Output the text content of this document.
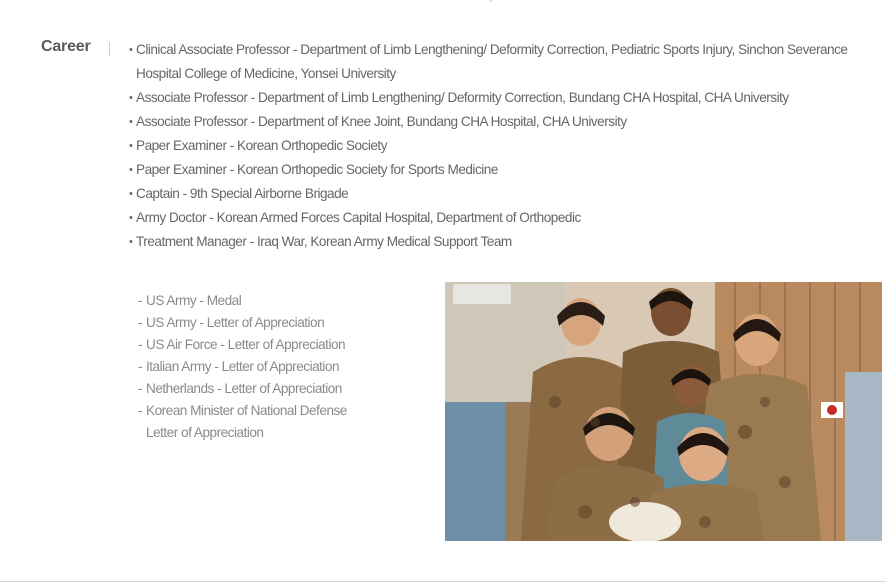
Career
•	Clinical Associate Professor - Department of Limb Lengthening/ Deformity Correction, Pediatric Sports Injury, Sinchon Severance Hospital College of Medicine, Yonsei University
• Associate Professor - Department of Limb Lengthening/ Deformity Correction, Bundang CHA Hospital, CHA University
• Associate Professor - Department of Knee Joint, Bundang CHA Hospital, CHA University
• Paper Examiner - Korean Orthopedic Society
• Paper Examiner - Korean Orthopedic Society for Sports Medicine
• Captain - 9th Special Airborne Brigade
• Army Doctor - Korean Armed Forces Capital Hospital, Department of Orthopedic
• Treatment Manager - Iraq War, Korean Army Medical Support Team
- US Army - Medal
- US Army - Letter of Appreciation
- US Air Force - Letter of Appreciation
- Italian Army - Letter of Appreciation
- Netherlands - Letter of Appreciation
- Korean Minister of National Defense
Letter of Appreciation
